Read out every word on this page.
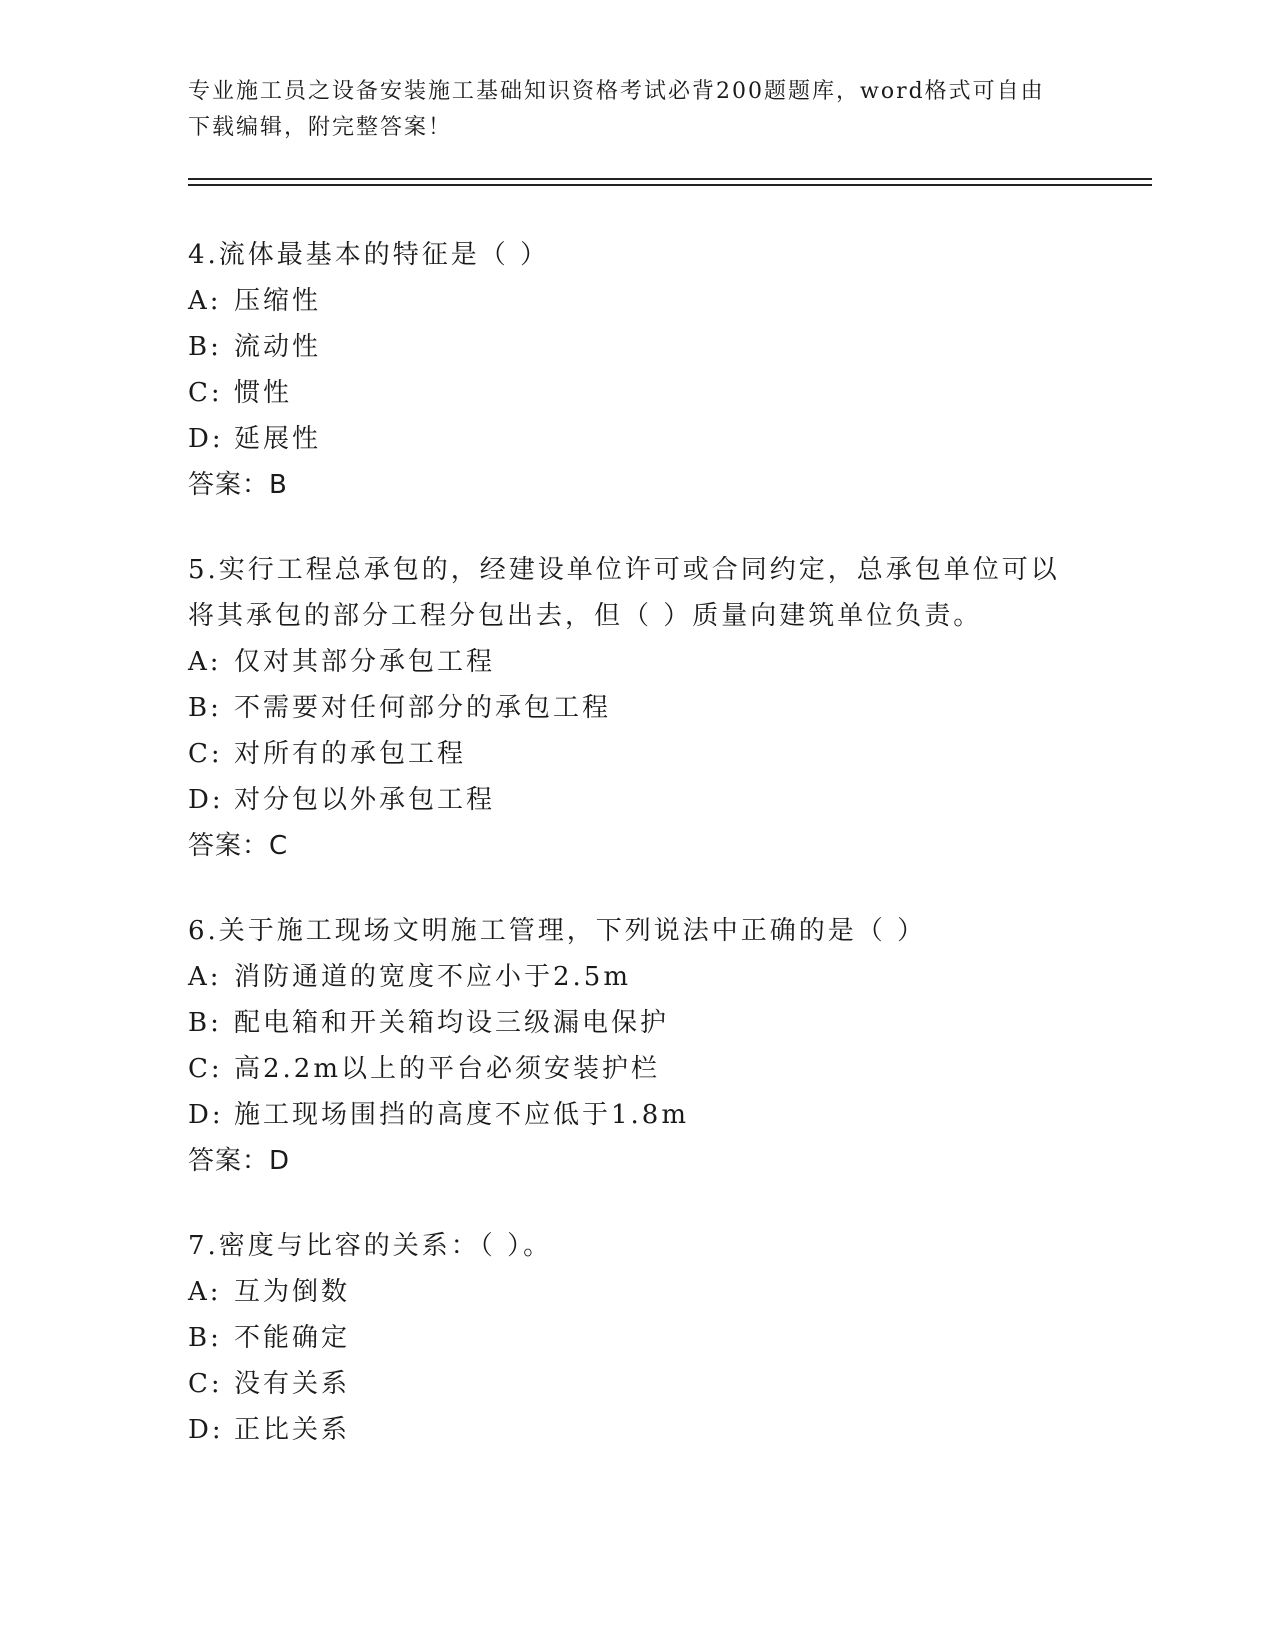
专业施工员之设备安装施工基础知识资格考试必背200题题库，word格式可自由
下载编辑，附完整答案！
4.流体最基本的特征是（ ）
A: 压缩性
B: 流动性
C: 惯性
D: 延展性
答案：B
5.实行工程总承包的，经建设单位许可或合同约定，总承包单位可以
将其承包的部分工程分包出去，但（ ）质量向建筑单位负责。
A: 仅对其部分承包工程
B: 不需要对任何部分的承包工程
C: 对所有的承包工程
D: 对分包以外承包工程
答案：C
6.关于施工现场文明施工管理，下列说法中正确的是（ ）
A: 消防通道的宽度不应小于2.5m
B: 配电箱和开关箱均设三级漏电保护
C: 高2.2m以上的平台必须安装护栏
D: 施工现场围挡的高度不应低于1.8m
答案：D
7.密度与比容的关系：（ ）。
A: 互为倒数
B: 不能确定
C: 没有关系
D: 正比关系
